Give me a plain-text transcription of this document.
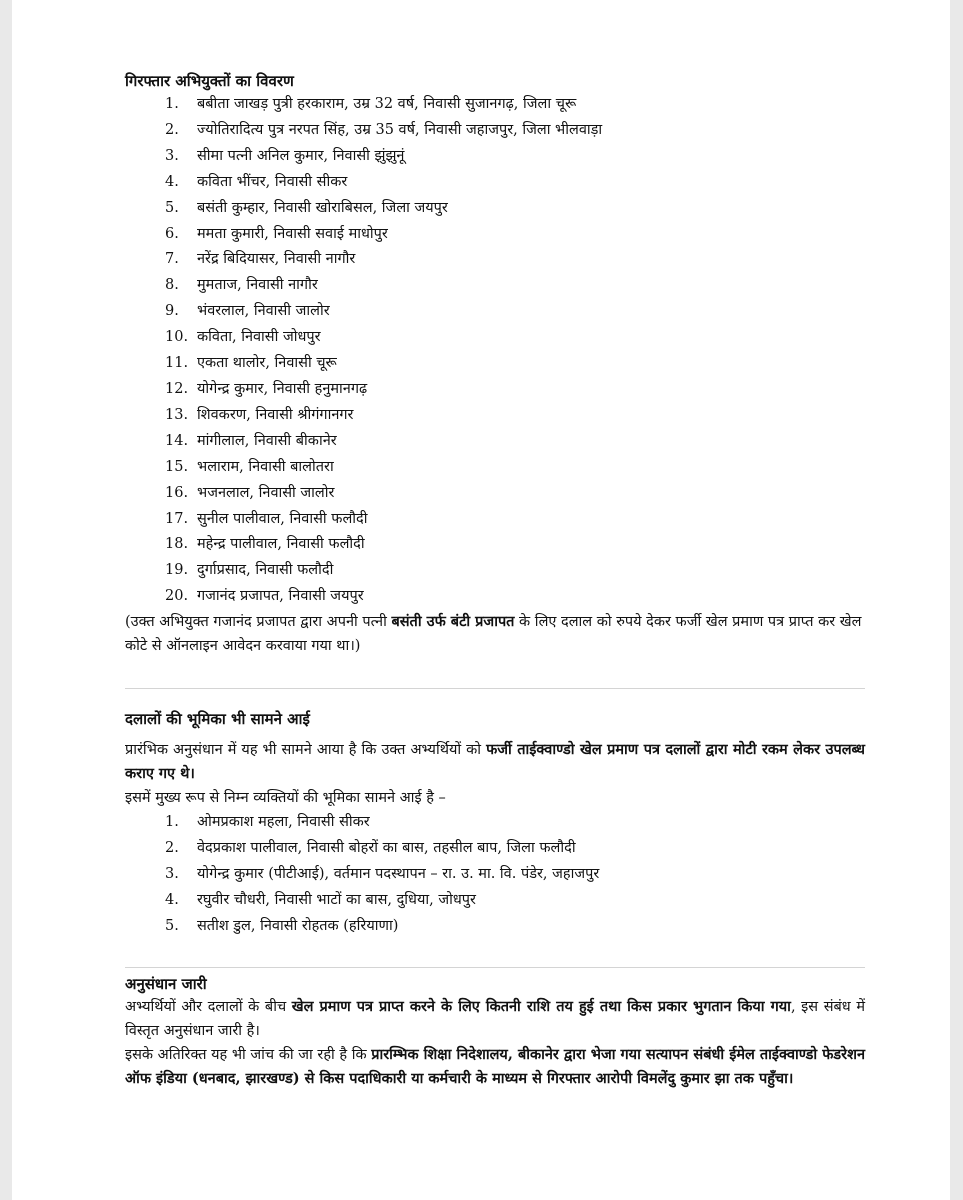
गिरफ्तार अभियुक्तों का विवरण

1. बबीता जाखड़ पुत्री हरकाराम, उम्र 32 वर्ष, निवासी सुजानगढ़, जिला चूरू
2. ज्योतिरादित्य पुत्र नरपत सिंह, उम्र 35 वर्ष, निवासी जहाजपुर, जिला भीलवाड़ा
3. सीमा पत्नी अनिल कुमार, निवासी झुंझुनूं
4. कविता भींचर, निवासी सीकर
5. बसंती कुम्हार, निवासी खोराबिसल, जिला जयपुर
6. ममता कुमारी, निवासी सवाई माधोपुर
7. नरेंद्र बिदियासर, निवासी नागौर
8. मुमताज, निवासी नागौर
9. भंवरलाल, निवासी जालोर
10. कविता, निवासी जोधपुर
11. एकता थालोर, निवासी चूरू
12. योगेन्द्र कुमार, निवासी हनुमानगढ़
13. शिवकरण, निवासी श्रीगंगानगर
14. मांगीलाल, निवासी बीकानेर
15. भलाराम, निवासी बालोतरा
16. भजनलाल, निवासी जालोर
17. सुनील पालीवाल, निवासी फलौदी
18. महेन्द्र पालीवाल, निवासी फलौदी
19. दुर्गाप्रसाद, निवासी फलौदी
20. गजानंद प्रजापत, निवासी जयपुर

(उक्त अभियुक्त गजानंद प्रजापत द्वारा अपनी पत्नी बसंती उर्फ बंटी प्रजापत के लिए दलाल को रुपये देकर फर्जी खेल प्रमाण पत्र प्राप्त कर खेल कोटे से ऑनलाइन आवेदन करवाया गया था।)

दलालों की भूमिका भी सामने आई

प्रारंभिक अनुसंधान में यह भी सामने आया है कि उक्त अभ्यर्थियों को फर्जी ताईक्वाण्डो खेल प्रमाण पत्र दलालों द्वारा मोटी रकम लेकर उपलब्ध कराए गए थे।

इसमें मुख्य रूप से निम्न व्यक्तियों की भूमिका सामने आई है –

1. ओमप्रकाश महला, निवासी सीकर
2. वेदप्रकाश पालीवाल, निवासी बोहरों का बास, तहसील बाप, जिला फलौदी
3. योगेन्द्र कुमार (पीटीआई), वर्तमान पदस्थापन – रा. उ. मा. वि. पंडेर, जहाजपुर
4. रघुवीर चौधरी, निवासी भाटों का बास, दुधिया, जोधपुर
5. सतीश डुल, निवासी रोहतक (हरियाणा)

अनुसंधान जारी

अभ्यर्थियों और दलालों के बीच खेल प्रमाण पत्र प्राप्त करने के लिए कितनी राशि तय हुई तथा किस प्रकार भुगतान किया गया, इस संबंध में विस्तृत अनुसंधान जारी है।

इसके अतिरिक्त यह भी जांच की जा रही है कि प्रारम्भिक शिक्षा निदेशालय, बीकानेर द्वारा भेजा गया सत्यापन संबंधी ईमेल ताईक्वाण्डो फेडरेशन ऑफ इंडिया (धनबाद, झारखण्ड) से किस पदाधिकारी या कर्मचारी के माध्यम से गिरफ्तार आरोपी विमलेंदु कुमार झा तक पहुँचा।
